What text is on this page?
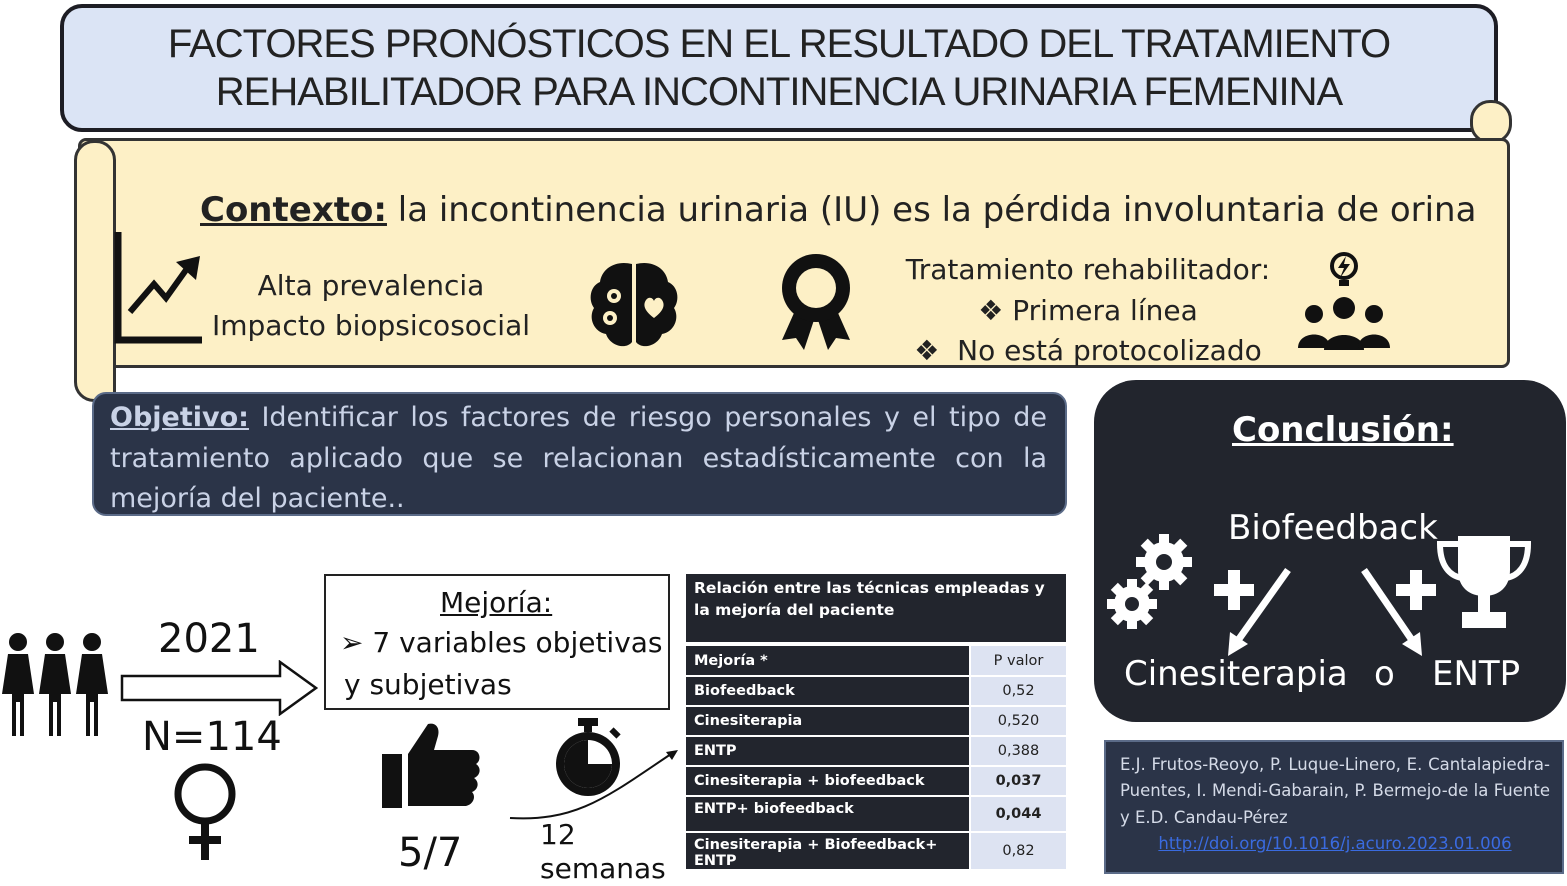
FACTORES PRONÓSTICOS EN EL RESULTADO DEL TRATAMIENTO
REHABILITADOR PARA INCONTINENCIA URINARIA FEMENINA
Contexto: la incontinencia urinaria (IU) es la pérdida involuntaria de orina
Alta prevalencia
Impacto biopsicosocial
Tratamiento rehabilitador:
❖ Primera línea
❖ No está protocolizado
Objetivo: Identificar los factores de riesgo personales y el tipo de tratamiento aplicado que se relacionan estadísticamente con la mejoría del paciente..
Conclusión:
Biofeedback
Cinesiterapia o ENTP
E.J. Frutos-Reoyo, P. Luque-Linero, E. Cantalapiedra-Puentes, I. Mendi-Gabarain, P. Bermejo-de la Fuente y E.D. Candau-Pérez
http://doi.org/10.1016/j.acuro.2023.01.006
2021
N=114
Mejoría:
➢ 7 variables objetivas
y subjetivas
5/7	12
semanas
Relación entre las técnicas empleadas y la mejoría del paciente
Mejoría *	P valor
Biofeedback	0,52
Cinesiterapia	0,520
ENTP	0,388
Cinesiterapia + biofeedback	0,037
ENTP+ biofeedback	0,044
Cinesiterapia + Biofeedback+ ENTP	0,82
